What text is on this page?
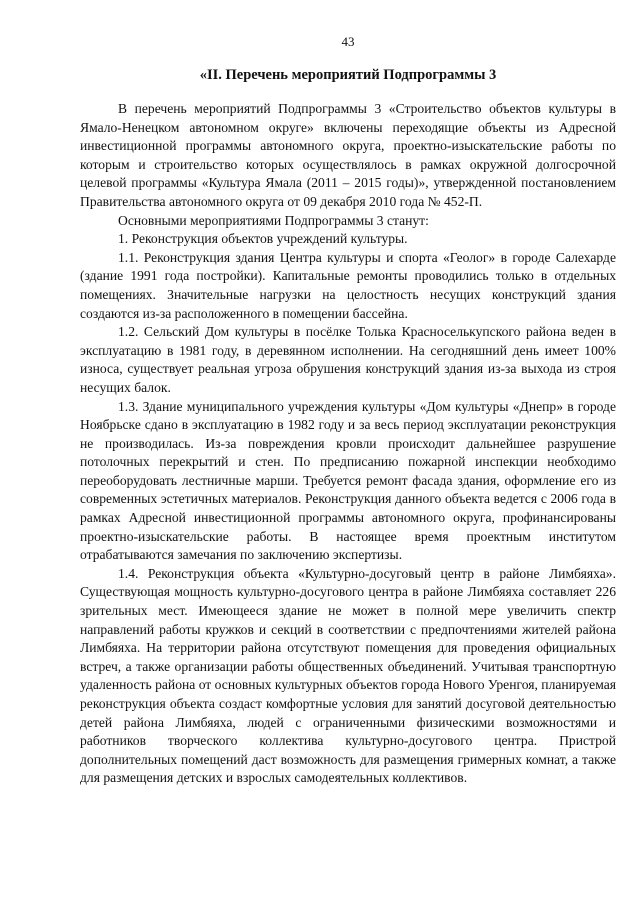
43
«II. Перечень мероприятий Подпрограммы 3

В перечень мероприятий Подпрограммы 3 «Строительство объектов культуры в Ямало-Ненецком автономном округе» включены переходящие объекты из Адресной инвестиционной программы автономного округа, проектно-изыскательские работы по которым и строительство которых осуществлялось в рамках окружной долгосрочной целевой программы «Культура Ямала (2011 – 2015 годы)», утвержденной постановлением Правительства автономного округа от 09 декабря 2010 года № 452-П.

Основными мероприятиями Подпрограммы 3 станут:

1. Реконструкция объектов учреждений культуры.

1.1. Реконструкция здания Центра культуры и спорта «Геолог» в городе Салехарде (здание 1991 года постройки). Капитальные ремонты проводились только в отдельных помещениях. Значительные нагрузки на целостность несущих конструкций здания создаются из-за расположенного в помещении бассейна.

1.2. Сельский Дом культуры в посёлке Толька Красноселькупского района веден в эксплуатацию в 1981 году, в деревянном исполнении. На сегодняшний день имеет 100% износа, существует реальная угроза обрушения конструкций здания из-за выхода из строя несущих балок.

1.3. Здание муниципального учреждения культуры «Дом культуры «Днепр» в городе Ноябрьске сдано в эксплуатацию в 1982 году и за весь период эксплуатации реконструкция не производилась. Из-за повреждения кровли происходит дальнейшее разрушение потолочных перекрытий и стен. По предписанию пожарной инспекции необходимо переоборудовать лестничные марши. Требуется ремонт фасада здания, оформление его из современных эстетичных материалов. Реконструкция данного объекта ведется с 2006 года в рамках Адресной инвестиционной программы автономного округа, профинансированы проектно-изыскательские работы. В настоящее время проектным институтом отрабатываются замечания по заключению экспертизы.

1.4. Реконструкция объекта «Культурно-досуговый центр в районе Лимбяяха». Существующая мощность культурно-досугового центра в районе Лимбяяха составляет 226 зрительных мест. Имеющееся здание не может в полной мере увеличить спектр направлений работы кружков и секций в соответствии с предпочтениями жителей района Лимбяяха. На территории района отсутствуют помещения для проведения официальных встреч, а также организации работы общественных объединений. Учитывая транспортную удаленность района от основных культурных объектов города Нового Уренгоя, планируемая реконструкция объекта создаст комфортные условия для занятий досуговой деятельностью детей района Лимбяяха, людей с ограниченными физическими возможностями и работников творческого коллектива культурно-досугового центра. Пристрой дополнительных помещений даст возможность для размещения гримерных комнат, а также для размещения детских и взрослых самодеятельных коллективов.
